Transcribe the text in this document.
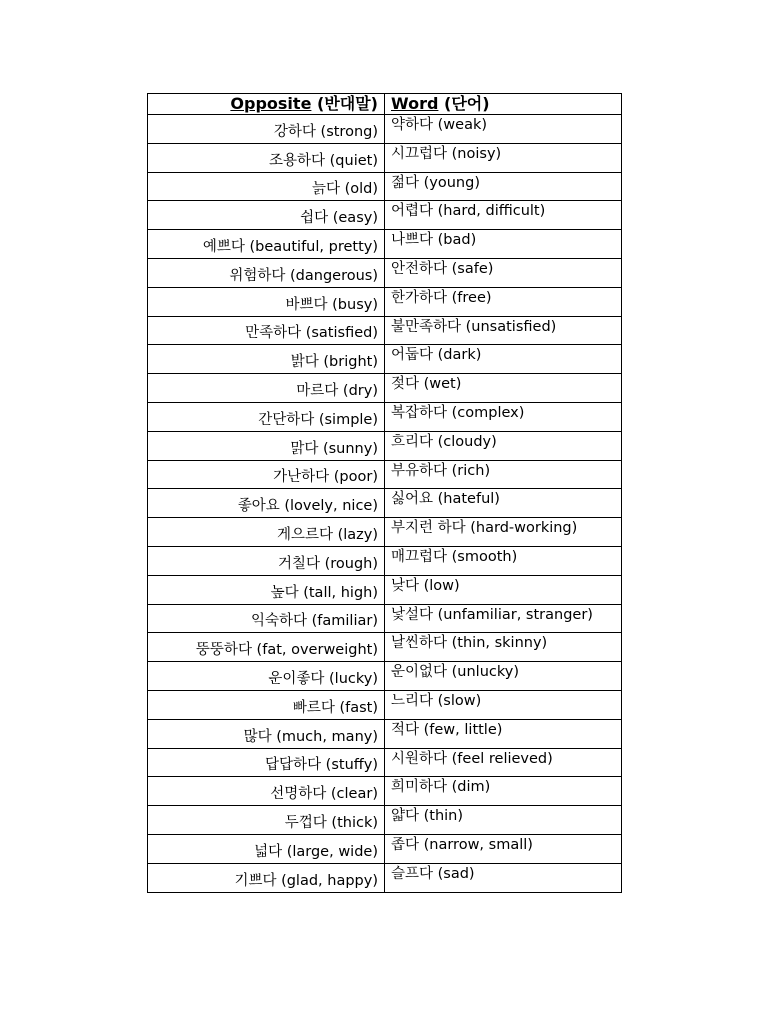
Opposite (반대말)	Word (단어)
강하다 (strong)	약하다 (weak)
조용하다 (quiet)	시끄럽다 (noisy)
늙다 (old)	젊다 (young)
쉽다 (easy)	어렵다 (hard, difficult)
예쁘다 (beautiful, pretty)	나쁘다 (bad)
위험하다 (dangerous)	안전하다 (safe)
바쁘다 (busy)	한가하다 (free)
만족하다 (satisfied)	불만족하다 (unsatisfied)
밝다 (bright)	어둡다 (dark)
마르다 (dry)	젖다 (wet)
간단하다 (simple)	복잡하다 (complex)
맑다 (sunny)	흐리다 (cloudy)
가난하다 (poor)	부유하다 (rich)
좋아요 (lovely, nice)	싫어요 (hateful)
게으르다 (lazy)	부지런 하다 (hard-working)
거칠다 (rough)	매끄럽다 (smooth)
높다 (tall, high)	낮다 (low)
익숙하다 (familiar)	낯설다 (unfamiliar, stranger)
뚱뚱하다 (fat, overweight)	날씬하다 (thin, skinny)
운이좋다 (lucky)	운이없다 (unlucky)
빠르다 (fast)	느리다 (slow)
많다 (much, many)	적다 (few, little)
답답하다 (stuffy)	시원하다 (feel relieved)
선명하다 (clear)	희미하다 (dim)
두껍다 (thick)	얇다 (thin)
넓다 (large, wide)	좁다 (narrow, small)
기쁘다 (glad, happy)	슬프다 (sad)
